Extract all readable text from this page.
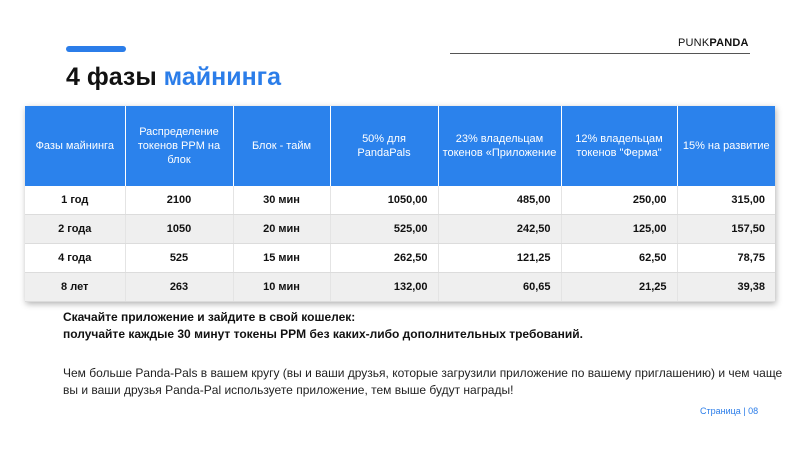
PUNKPANDA
4 фазы майнинга
Фазы майнинга	Распределение токенов PPM на блок	Блок - тайм	50% для PandaPals	23% владельцам токенов «Приложение	12% владельцам токенов "Ферма"	15% на развитие
1 год	2100	30 мин	1050,00	485,00	250,00	315,00
2 года	1050	20 мин	525,00	242,50	125,00	157,50
4 года	525	15 мин	262,50	121,25	62,50	78,75
8 лет	263	10 мин	132,00	60,65	21,25	39,38
Скачайте приложение и зайдите в свой кошелек:
получайте каждые 30 минут токены PPM без каких-либо дополнительных требований.
Чем больше Panda-Pals в вашем кругу (вы и ваши друзья, которые загрузили приложение по вашему приглашению) и чем чаще вы и ваши друзья Panda-Pal используете приложение, тем выше будут награды!
Страница | 08
